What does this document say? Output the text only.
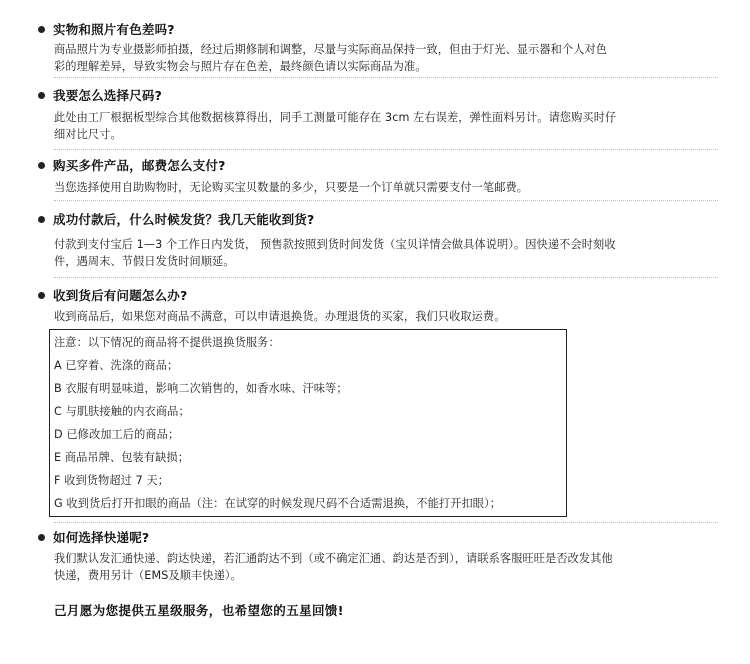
实物和照片有色差吗?
商品照片为专业摄影师拍摄，经过后期修制和调整，尽量与实际商品保持一致，但由于灯光、显示器和个人对色
彩的理解差异，导致实物会与照片存在色差，最终颜色请以实际商品为准。
我要怎么选择尺码?
此处由工厂根据板型综合其他数据核算得出，同手工测量可能存在 3cm 左右误差，弹性面料另计。请您购买时仔
细对比尺寸。
购买多件产品，邮费怎么支付?
当您选择使用自助购物时，无论购买宝贝数量的多少，只要是一个订单就只需要支付一笔邮费。
成功付款后，什么时候发货？我几天能收到货?
付款到支付宝后 1—3 个工作日内发货， 预售款按照到货时间发货（宝贝详情会做具体说明）。因快递不会时刻收
件，遇周末、节假日发货时间顺延。
收到货后有问题怎么办?
收到商品后，如果您对商品不满意，可以申请退换货。办理退货的买家，我们只收取运费。
注意：以下情况的商品将不提供退换货服务：
A 已穿着、洗涤的商品；
B 衣服有明显味道，影响二次销售的，如香水味、汗味等；
C 与肌肤接触的内衣商品；
D 已修改加工后的商品；
E 商品吊牌、包装有缺损；
F 收到货物超过 7 天；
G 收到货后打开扣眼的商品（注：在试穿的时候发现尺码不合适需退换，不能打开扣眼）；
如何选择快递呢?
我们默认发汇通快递、韵达快递，若汇通韵达不到（或不确定汇通、韵达是否到），请联系客服旺旺是否改发其他
快递，费用另计（EMS及顺丰快递）。
己月愿为您提供五星级服务，也希望您的五星回馈!
